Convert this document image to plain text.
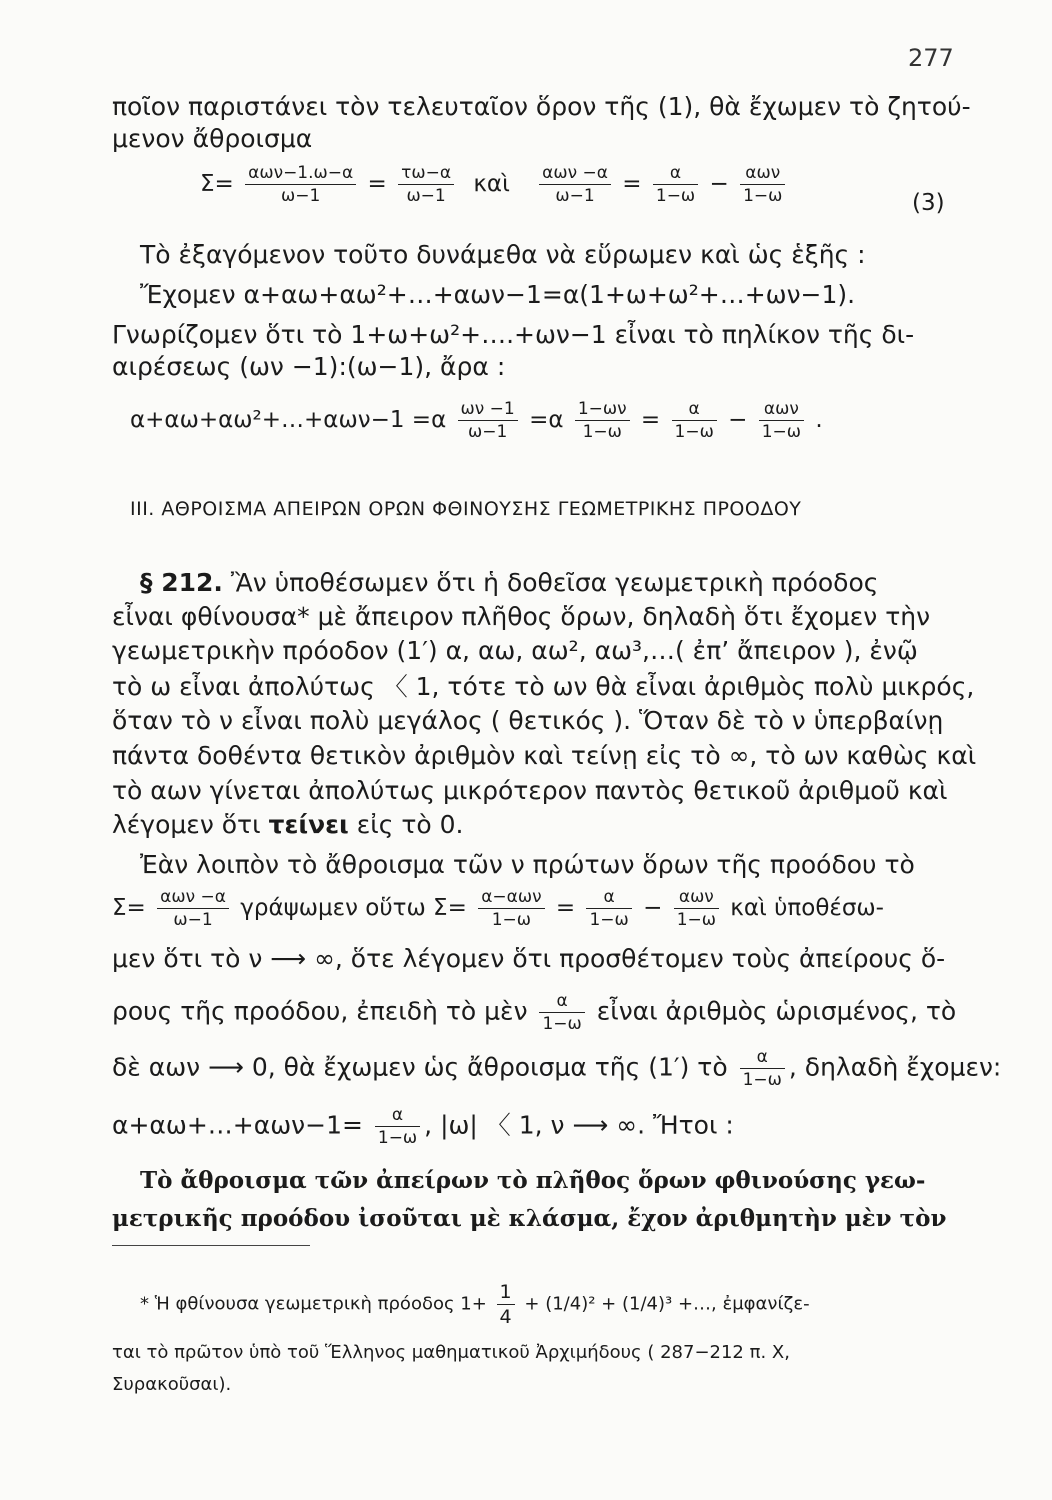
277
ποῖον παριστάνει τὸν τελευταῖον ὅρον τῆς (1), θὰ ἔχωμεν τὸ ζητού-
μενον ἄθροισμα
Σ= αων−1.ω−α
ω−1	= $\frac{\tau\omega-\alpha}{\omega-1}$ καὶ αων −α
ω−1	= $\frac{\alpha}{1-\omega} - \alpha\omega\nu$
1−ω	(3)
Τὸ ἐξαγόμενον τοῦτο δυνάμεθα νὰ εὕρωμεν καὶ ὡς ἑξῆς :
Ἔχομεν α+αω+αω²+…+αων−1=α(1+ω+ω²+…+ων−1).
Γνωρίζομεν ὅτι τὸ 1+ω+ω²+….+ων−1 εἶναι τὸ πηλίκον τῆς δι-
αιρέσεως (ων −1):(ω−1), ἄρα :
α+αω+αω²+…+αων−1 $=\alpha \frac{\omega\nu -1}{\omega-1} =\alpha \frac{1-\omega\nu}{1-\omega} = \frac{\alpha}{1-\omega} - \alpha\omega\nu$
1−ω .
III. ΑΘΡΟΙΣΜΑ ΑΠΕΙΡΩΝ ΟΡΩΝ ΦΘΙΝΟΥΣΗΣ ΓΕΩΜΕΤΡΙΚΗΣ ΠΡΟΟΔΟΥ
§ 212. Ἂν ὑποθέσωμεν ὅτι ἡ δοθεῖσα γεωμετρικὴ πρόοδος
εἶναι φθίνουσα* μὲ ἄπειρον πλῆθος ὅρων, δηλαδὴ ὅτι ἔχομεν τὴν
γεωμετρικὴν πρόοδον (1′) α, αω, αω², αω³,…( ἐπ’ ἄπειρον ), ἐνῷ
τὸ ω εἶναι ἀπολύτως 〈 1, τότε τὸ ων θὰ εἶναι ἀριθμὸς πολὺ μικρός,
ὅταν τὸ ν εἶναι πολὺ μεγάλος ( θετικός ). Ὅταν δὲ τὸ ν ὑπερβαίνῃ
πάντα δοθέντα θετικὸν ἀριθμὸν καὶ τείνῃ εἰς τὸ ∞, τὸ ων καθὼς καὶ
τὸ αων γίνεται ἀπολύτως μικρότερον παντὸς θετικοῦ ἀριθμοῦ καὶ
λέγομεν ὅτι τείνει εἰς τὸ 0.
Ἐὰν λοιπὸν τὸ ἄθροισμα τῶν ν πρώτων ὅρων τῆς προόδου τὸ
Σ= αων −α
ω−1	γράψωμεν οὕτω Σ= α−αων
1−ω	= $\frac{\alpha}{1-\omega} - \alpha\omega\nu$
1−ω καὶ ὑποθέσω-
μεν ὅτι τὸ ν ⟶ ∞, ὅτε λέγομεν ὅτι προσθέτομεν τοὺς ἀπείρους ὅ-
ρους τῆς προόδου, ἐπειδὴ τὸ μὲν $\frac{\alpha}{1-\omega}$ εἶναι ἀριθμὸς ὡρισμένος, τὸ
δὲ αων ⟶ 0, θὰ ἔχωμεν ὡς ἄθροισμα τῆς (1′) τὸ $\frac{\alpha}{1-\omega}$ , δηλαδὴ ἔχομεν:
α+αω+…+αων−1= $\frac{\alpha}{1-\omega}$ , |ω| 〈 1, ν ⟶ ∞. Ἤτοι :
Τὸ ἄθροισμα τῶν ἀπείρων τὸ πλῆθος ὅρων φθινούσης γεω-
μετρικῆς προόδου ἰσοῦται μὲ κλάσμα, ἔχον ἀριθμητὴν μὲν τὸν
* Ἡ φθίνουσα γεωμετρικὴ πρόοδος $1+ \frac{1}{4} + (1/4)^2 + (1/4)^3$ +…, ἐμφανίζε-
ται τὸ πρῶτον ὑπὸ τοῦ Ἕλληνος μαθηματικοῦ Ἀρχιμήδους ( 287−212 π. Χ,
Συρακοῦσαι).
